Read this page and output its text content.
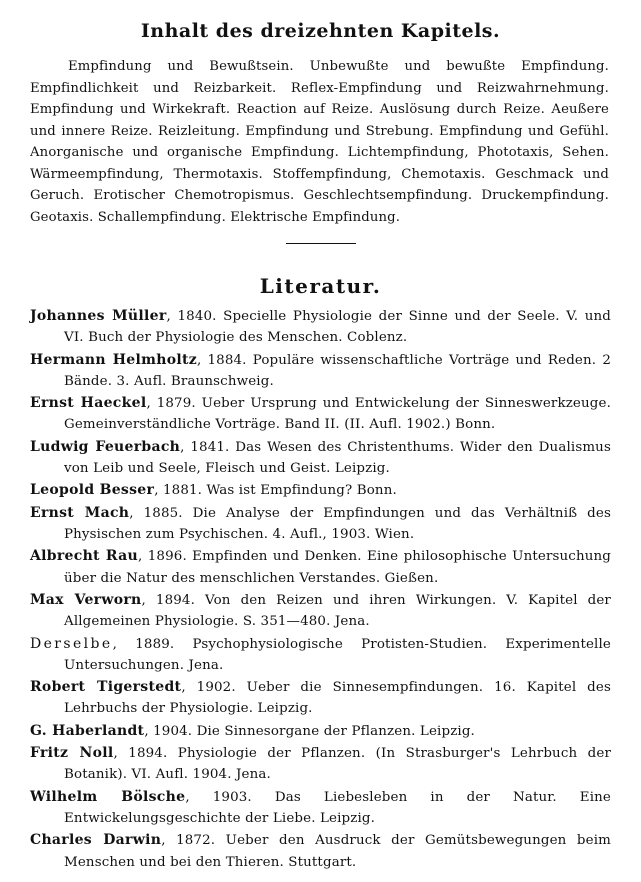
Inhalt des dreizehnten Kapitels.
Empfindung und Bewußtsein. Unbewußte und bewußte Empfindung. Empfindlichkeit und Reizbarkeit. Reflex-Empfindung und Reizwahrnehmung. Empfindung und Wirkekraft. Reaction auf Reize. Auslösung durch Reize. Aeußere und innere Reize. Reizleitung. Empfindung und Strebung. Empfindung und Gefühl. Anorganische und organische Empfindung. Lichtempfindung, Phototaxis, Sehen. Wärmeempfindung, Thermotaxis. Stoffempfindung, Chemotaxis. Geschmack und Geruch. Erotischer Chemotropismus. Geschlechtsempfindung. Druckempfindung. Geotaxis. Schallempfindung. Elektrische Empfindung.
Literatur.
Johannes Müller, 1840. Specielle Physiologie der Sinne und der Seele. V. und VI. Buch der Physiologie des Menschen. Coblenz.
Hermann Helmholtz, 1884. Populäre wissenschaftliche Vorträge und Reden. 2 Bände. 3. Aufl. Braunschweig.
Ernst Haeckel, 1879. Ueber Ursprung und Entwickelung der Sinneswerkzeuge. Gemeinverständliche Vorträge. Band II. (II. Aufl. 1902.) Bonn.
Ludwig Feuerbach, 1841. Das Wesen des Christenthums. Wider den Dualismus von Leib und Seele, Fleisch und Geist. Leipzig.
Leopold Besser, 1881. Was ist Empfindung? Bonn.
Ernst Mach, 1885. Die Analyse der Empfindungen und das Verhältniß des Physischen zum Psychischen. 4. Aufl., 1903. Wien.
Albrecht Rau, 1896. Empfinden und Denken. Eine philosophische Untersuchung über die Natur des menschlichen Verstandes. Gießen.
Max Verworn, 1894. Von den Reizen und ihren Wirkungen. V. Kapitel der Allgemeinen Physiologie. S. 351—480. Jena.
Derselbe, 1889. Psychophysiologische Protisten-Studien. Experimentelle Untersuchungen. Jena.
Robert Tigerstedt, 1902. Ueber die Sinnesempfindungen. 16. Kapitel des Lehrbuchs der Physiologie. Leipzig.
G. Haberlandt, 1904. Die Sinnesorgane der Pflanzen. Leipzig.
Fritz Noll, 1894. Physiologie der Pflanzen. (In Strasburger's Lehrbuch der Botanik). VI. Aufl. 1904. Jena.
Wilhelm Bölsche, 1903. Das Liebesleben in der Natur. Eine Entwickelungsgeschichte der Liebe. Leipzig.
Charles Darwin, 1872. Ueber den Ausdruck der Gemütsbewegungen beim Menschen und bei den Thieren. Stuttgart.
